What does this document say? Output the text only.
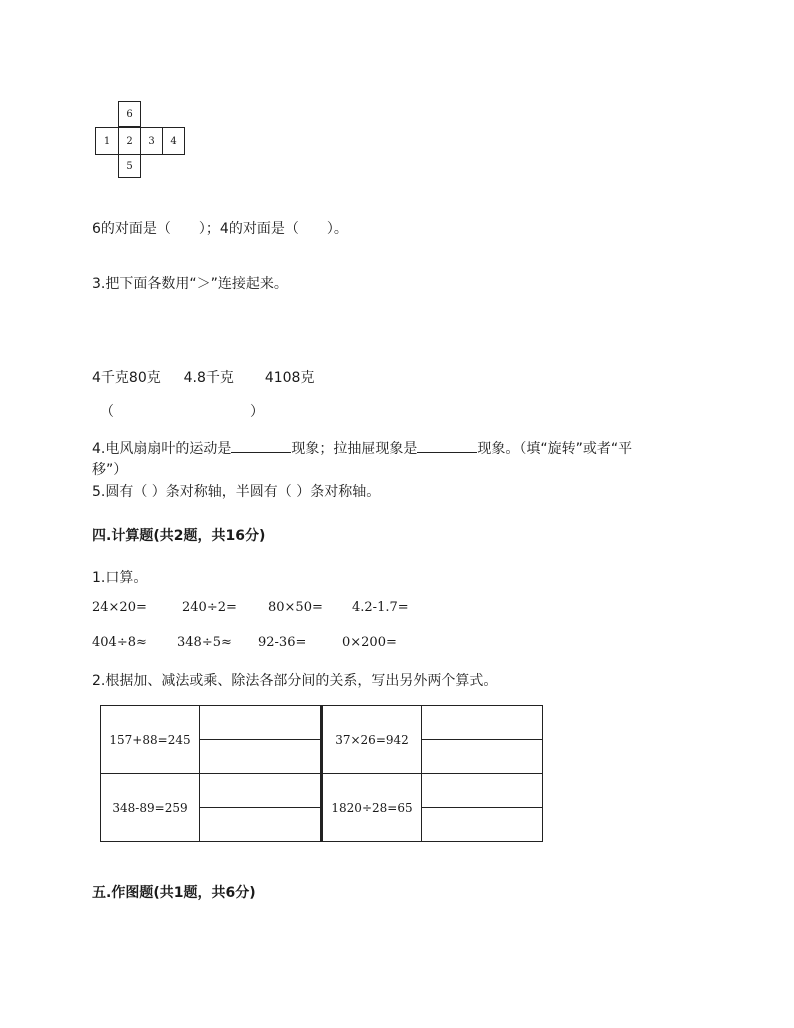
6
1 2 3 4
5
6的对面是（　　）；4的对面是（　　）。
3.把下面各数用“＞”连接起来。
4千克80克 4.8千克 4108克
（	）
4.电风扇扇叶的运动是	现象；拉抽屉现象是	现象。（填“旋转”或者“平
移”）
5.圆有（ ）条对称轴，半圆有（ ）条对称轴。
四.计算题(共2题，共16分)
1.口算。
24×20=	240÷2= 80×50= 4.2-1.7=
404÷8≈ 348÷5≈ 92-36=	0×200=
2.根据加、减法或乘、除法各部分间的关系，写出另外两个算式。
157+88=245		37×26=942	

348-89=259		1820÷28=65	

五.作图题(共1题，共6分)
